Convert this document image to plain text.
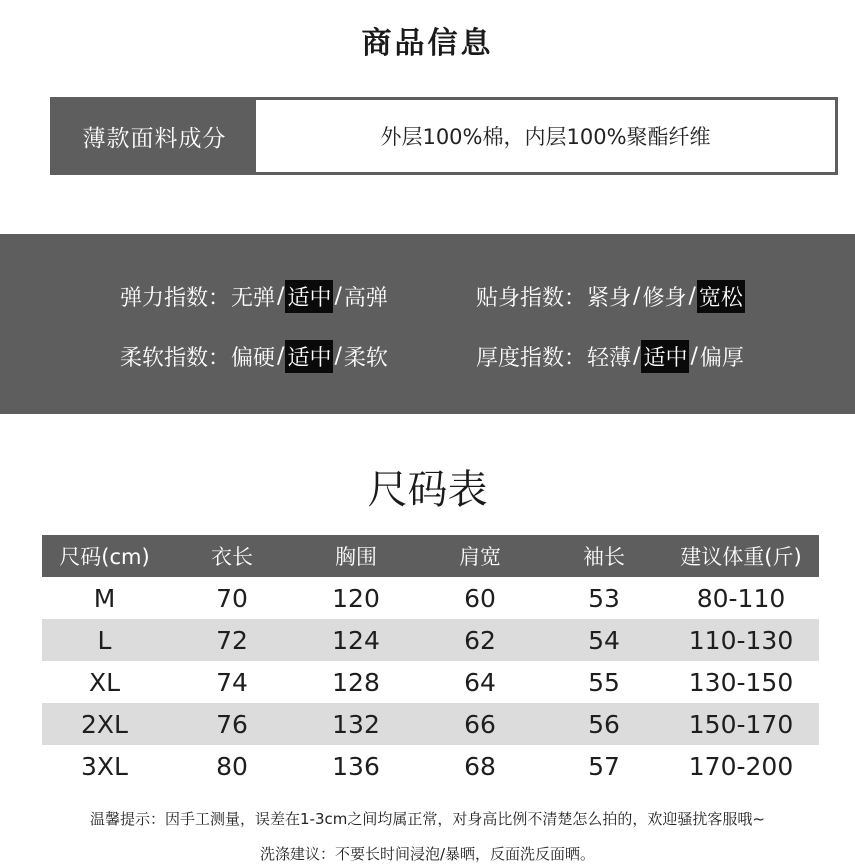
商品信息
薄款面料成分	外层100%棉，内层100%聚酯纤维
弹力指数： 无弹 / 适中 / 高弹	贴身指数： 紧身 / 修身 / 宽松
柔软指数： 偏硬 / 适中 / 柔软	厚度指数： 轻薄 / 适中 / 偏厚
尺码表
尺码(cm)	衣长	胸围	肩宽	袖长	建议体重(斤)
M	70	120	60	53	80-110
L	72	124	62	54	110-130
XL	74	128	64	55	130-150
2XL	76	132	66	56	150-170
3XL	80	136	68	57	170-200
温馨提示：因手工测量，误差在1-3cm之间均属正常，对身高比例不清楚怎么拍的，欢迎骚扰客服哦~
洗涤建议：不要长时间浸泡/暴晒，反面洗反面晒。
